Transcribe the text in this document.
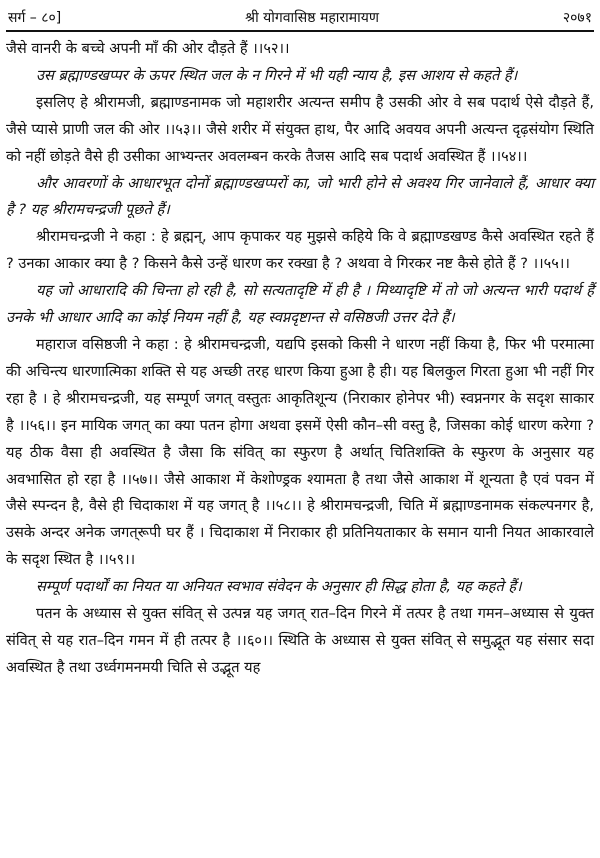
सर्ग – ८०]	श्री योगवासिष्ठ महारामायण	२०७१

जैसे वानरी के बच्चे अपनी माँ की ओर दौड़ते हैं ।।५२।।

उस ब्रह्माण्डखप्पर के ऊपर स्थित जल के न गिरने में भी यही न्याय है, इस आशय से कहते हैं।

इसलिए हे श्रीरामजी, ब्रह्माण्डनामक जो महाशरीर अत्यन्त समीप है उसकी ओर वे सब पदार्थ ऐसे दौड़ते हैं, जैसे प्यासे प्राणी जल की ओर ।।५३।। जैसे शरीर में संयुक्त हाथ, पैर आदि अवयव अपनी अत्यन्त दृढ़संयोग स्थिति को नहीं छोड़ते वैसे ही उसीका आभ्यन्तर अवलम्बन करके तैजस आदि सब पदार्थ अवस्थित हैं ।।५४।।

और आवरणों के आधारभूत दोनों ब्रह्माण्डखप्परों का, जो भारी होने से अवश्य गिर जानेवाले हैं, आधार क्या है ? यह श्रीरामचन्द्रजी पूछते हैं।

श्रीरामचन्द्रजी ने कहा : हे ब्रह्मन्, आप कृपाकर यह मुझसे कहिये कि वे ब्रह्माण्डखण्ड कैसे अवस्थित रहते हैं ? उनका आकार क्या है ? किसने कैसे उन्हें धारण कर रक्खा है ? अथवा वे गिरकर नष्ट कैसे होते हैं ? ।।५५।।

यह जो आधारादि की चिन्ता हो रही है, सो सत्यतादृष्टि में ही है । मिथ्यादृष्टि में तो जो अत्यन्त भारी पदार्थ हैं उनके भी आधार आदि का कोई नियम नहीं है, यह स्वप्नदृष्टान्त से वसिष्ठजी उत्तर देते हैं।

महाराज वसिष्ठजी ने कहा : हे श्रीरामचन्द्रजी, यद्यपि इसको किसी ने धारण नहीं किया है, फिर भी परमात्मा की अचिन्त्य धारणात्मिका शक्ति से यह अच्छी तरह धारण किया हुआ है ही। यह बिलकुल गिरता हुआ भी नहीं गिर रहा है । हे श्रीरामचन्द्रजी, यह सम्पूर्ण जगत् वस्तुतः आकृतिशून्य (निराकार होनेपर भी) स्वप्ननगर के सदृश साकार है ।।५६।। इन मायिक जगत् का क्या पतन होगा अथवा इसमें ऐसी कौन–सी वस्तु है, जिसका कोई धारण करेगा ? यह ठीक वैसा ही अवस्थित है जैसा कि संवित् का स्फुरण है अर्थात् चितिशक्ति के स्फुरण के अनुसार यह अवभासित हो रहा है ।।५७।। जैसे आकाश में केशोण्ड्रक श्यामता है तथा जैसे आकाश में शून्यता है एवं पवन में जैसे स्पन्दन है, वैसे ही चिदाकाश में यह जगत् है ।।५८।। हे श्रीरामचन्द्रजी, चिति में ब्रह्माण्डनामक संकल्पनगर है, उसके अन्दर अनेक जगत्‌रूपी घर हैं । चिदाकाश में निराकार ही प्रतिनियताकार के समान यानी नियत आकारवाले के सदृश स्थित है ।।५९।।

सम्पूर्ण पदार्थों का नियत या अनियत स्वभाव संवेदन के अनुसार ही सिद्ध होता है, यह कहते हैं।

पतन के अध्यास से युक्त संवित् से उत्पन्न यह जगत् रात–दिन गिरने में तत्पर है तथा गमन–अध्यास से युक्त संवित् से यह रात–दिन गमन में ही तत्पर है ।।६०।। स्थिति के अध्यास से युक्त संवित् से समुद्भूत यह संसार सदा अवस्थित है तथा उर्ध्वगमनमयी चिति से उद्भूत यह
